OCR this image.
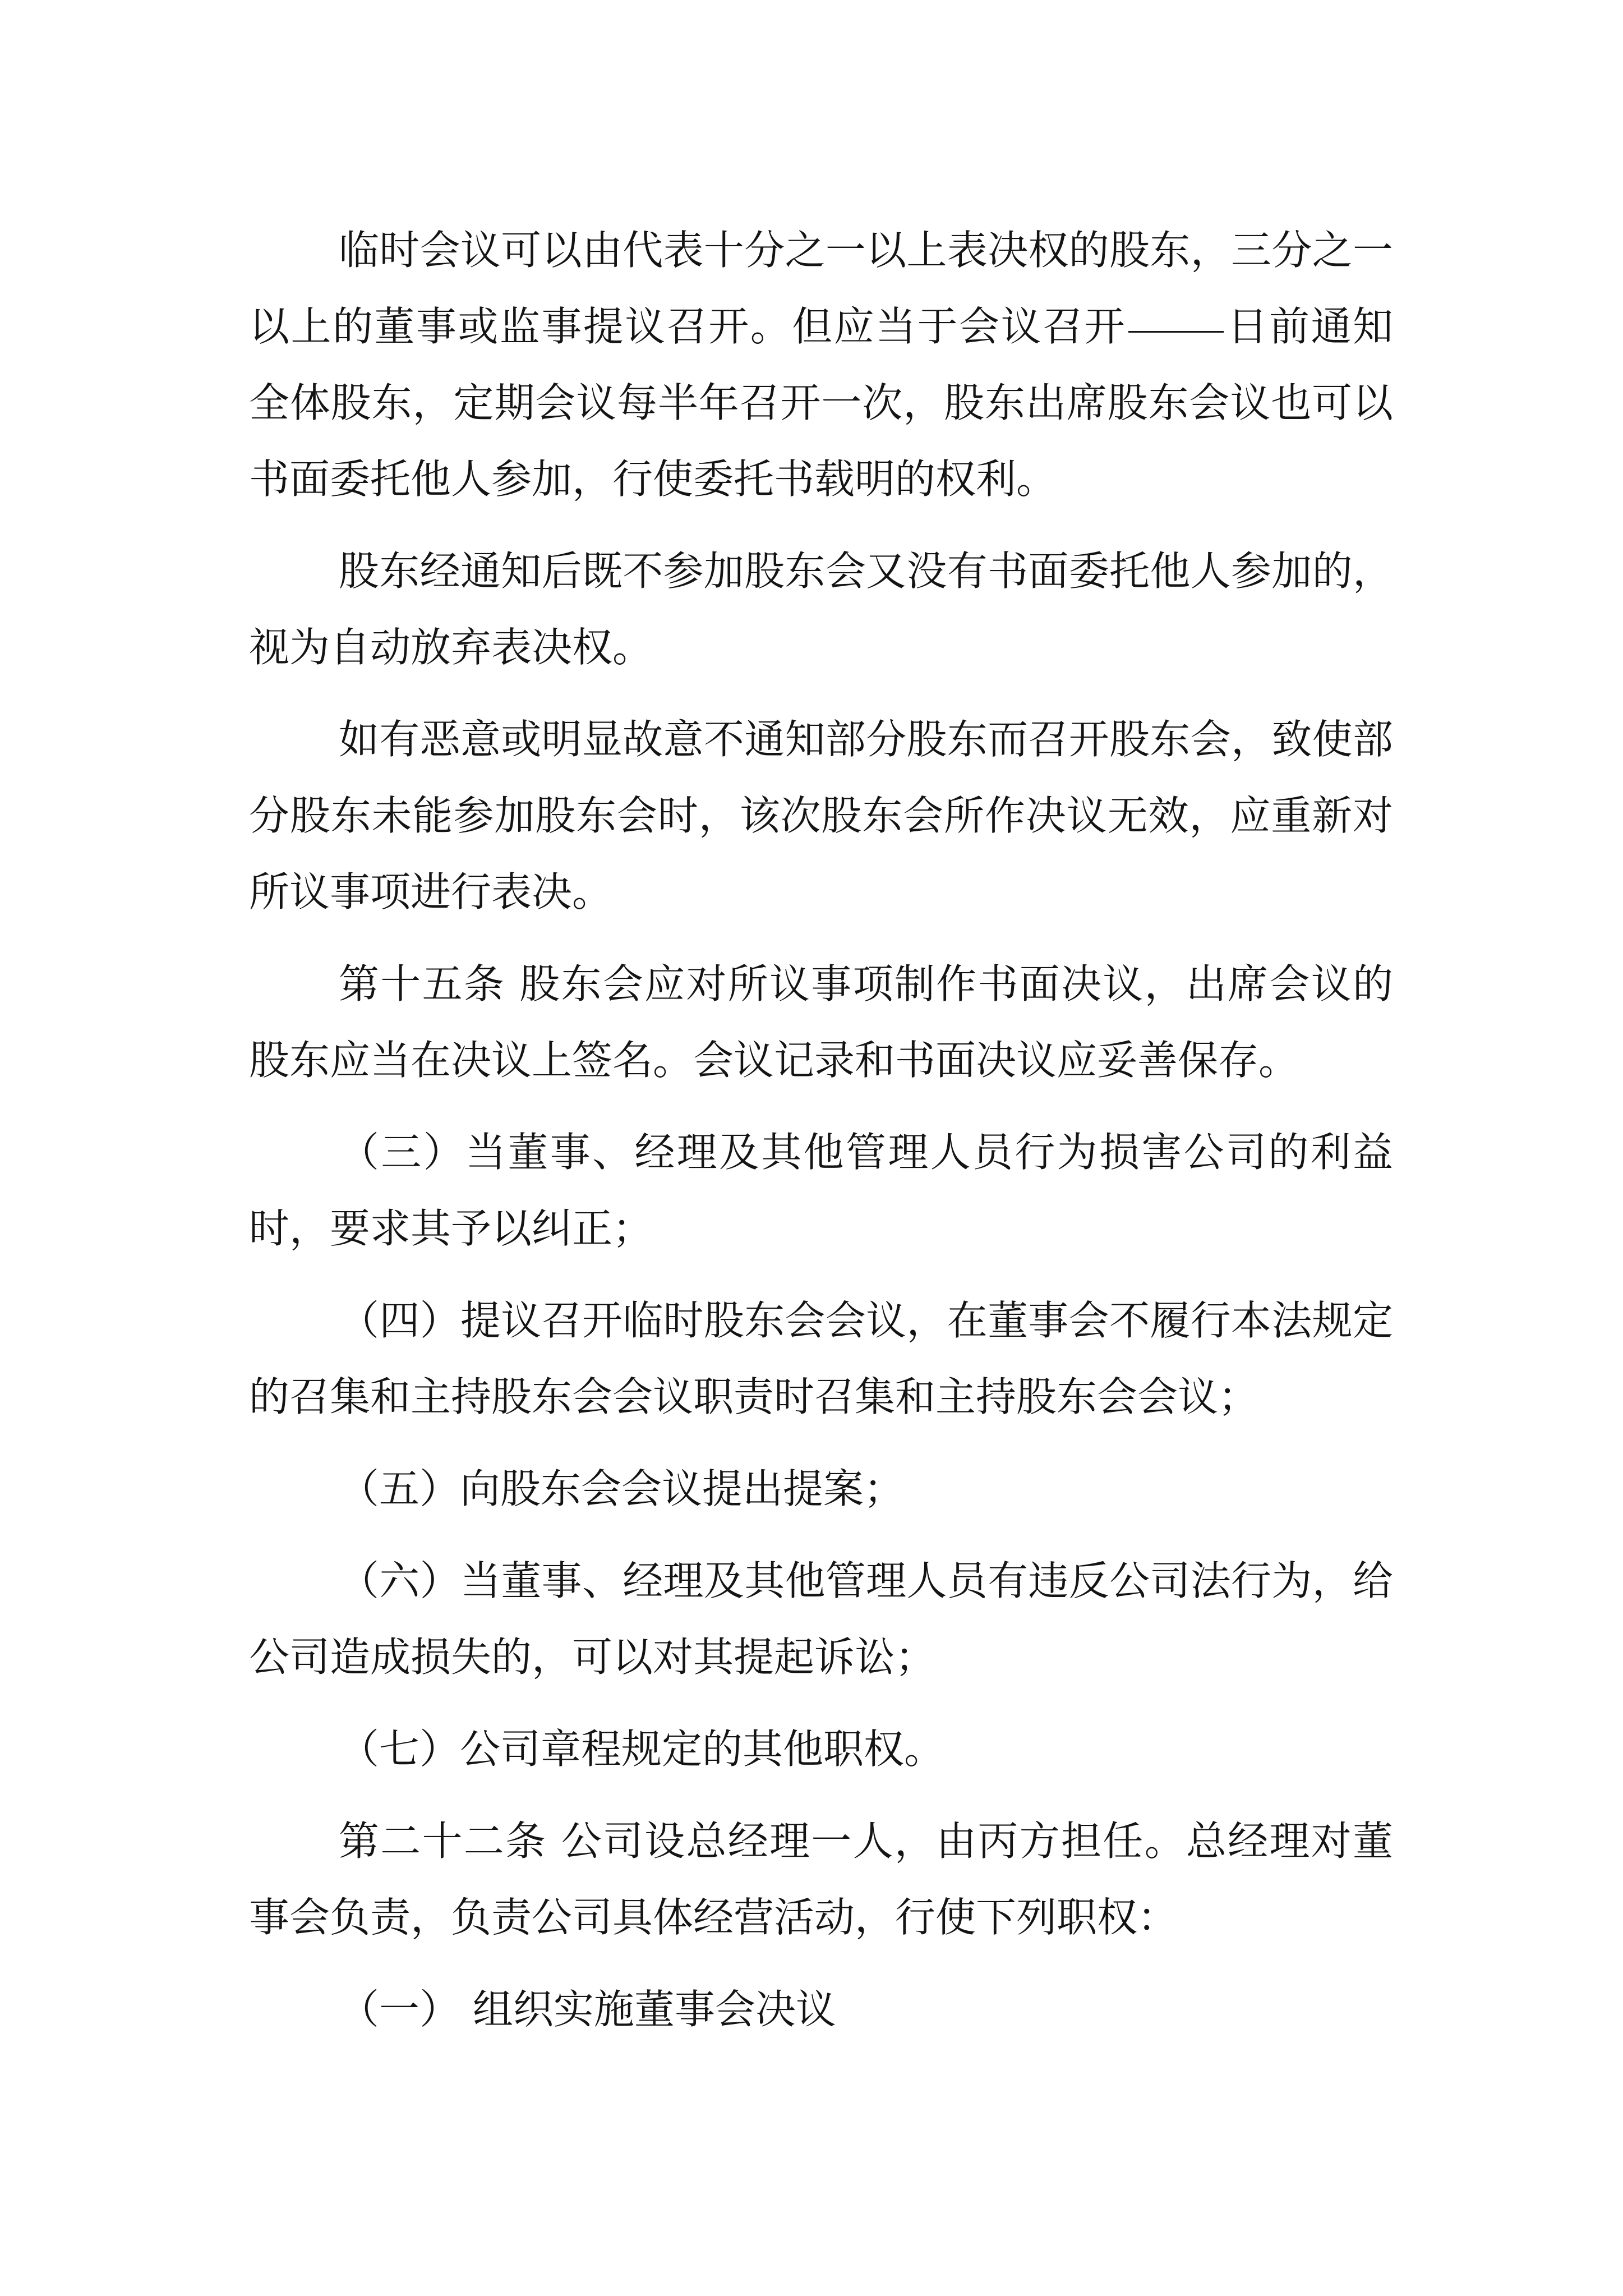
临时会议可以由代表十分之一以上表决权的股东，三分之一以上的董事或监事提议召开。但应当于会议召开 日前通知全体股东，定期会议每半年召开一次，股东出席股东会议也可以书面委托他人参加，行使委托书载明的权利。

股东经通知后既不参加股东会又没有书面委托他人参加的，视为自动放弃表决权。

如有恶意或明显故意不通知部分股东而召开股东会，致使部分股东未能参加股东会时，该次股东会所作决议无效，应重新对所议事项进行表决。

第十五条 股东会应对所议事项制作书面决议，出席会议的股东应当在决议上签名。会议记录和书面决议应妥善保存。

（三）当董事、经理及其他管理人员行为损害公司的利益时，要求其予以纠正；

（四）提议召开临时股东会会议，在董事会不履行本法规定的召集和主持股东会会议职责时召集和主持股东会会议；

（五）向股东会会议提出提案；

（六）当董事、经理及其他管理人员有违反公司法行为，给公司造成损失的，可以对其提起诉讼；

（七）公司章程规定的其他职权。

第二十二条 公司设总经理一人，由丙方担任。总经理对董事会负责，负责公司具体经营活动，行使下列职权：

（一） 组织实施董事会决议
